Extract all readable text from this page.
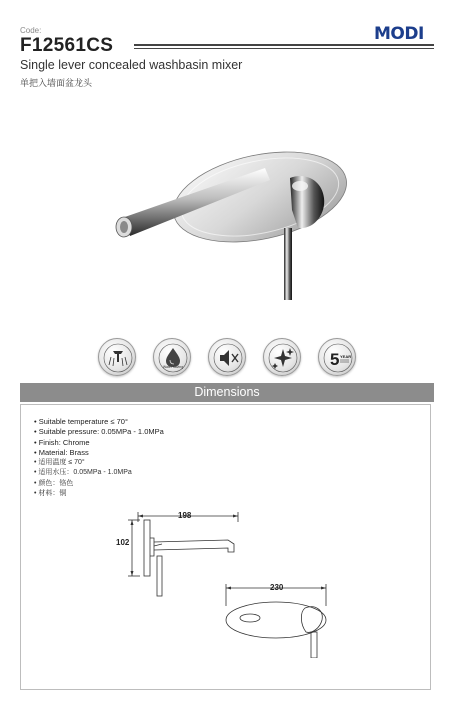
Code:
F12561CS
MODI
Single lever concealed washbasin mixer
单把入墙面盆龙头
Water saving	5 YEAR
Dimensions
• Suitable temperature ≤ 70°
• Suitable pressure: 0.05MPa - 1.0MPa
• Finish: Chrome
• Material: Brass
• 适用温度 ≤ 70°
• 适用水压：0.05MPa - 1.0MPa
• 颜色：铬色
• 材料：铜
198
102
230
